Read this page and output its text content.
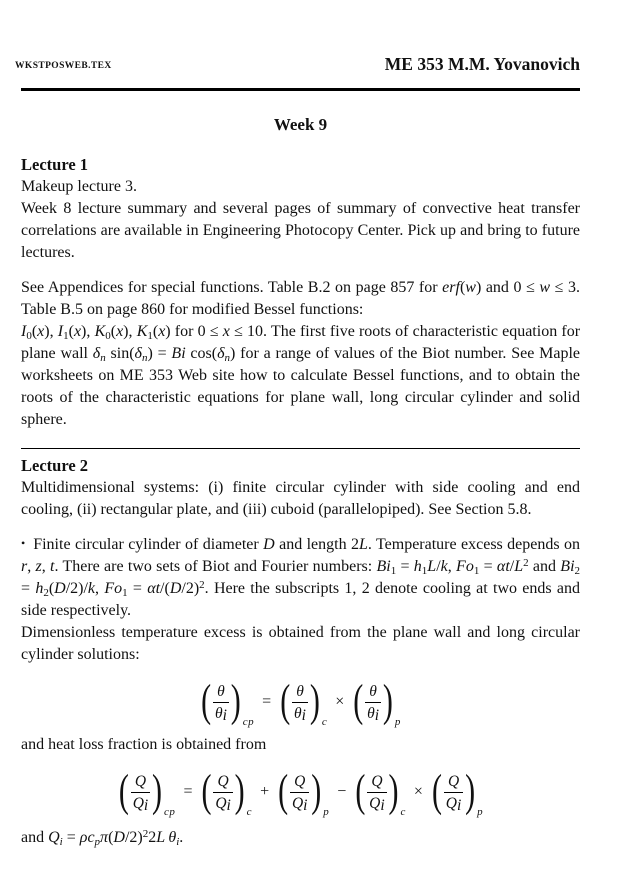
WKSTPOSWEB.TEX	ME 353 M.M. Yovanovich
Week 9
Lecture 1

Makeup lecture 3.

Week 8 lecture summary and several pages of summary of convective heat transfer correlations are available in Engineering Photocopy Center. Pick up and bring to future lectures.

See Appendices for special functions. Table B.2 on page 857 for erf(w) and 0 ≤ w ≤ 3. Table B.5 on page 860 for modified Bessel functions:
$I_0(x)$, $I_1(x)$, $K_0(x)$, $K_1(x)$ for 0 ≤ x ≤ 10. The first five roots of characteristic equation for plane wall $\delta_n$ $\sin(\delta_n) = Bi$ $\cos(\delta_n)$ for a range of values of the Biot number. See Maple worksheets on ME 353 Web site how to calculate Bessel functions, and to obtain the roots of the characteristic equations for plane wall, long circular cylinder and solid sphere.

Lecture 2

Multidimensional systems: (i) finite circular cylinder with side cooling and end cooling, (ii) rectangular plate, and (iii) cuboid (parallelopiped). See Section 5.8.

• Finite circular cylinder of diameter D and length 2L. Temperature excess depends on r, z, t. There are two sets of Biot and Fourier numbers: $Bi_1 = h_1L/k$, $Fo_1 = \alpha t/L^2$ and $Bi_2 = h_2(D/2)/k$, $Fo_1 = \alpha t/(D/2)^2$. Here the subscripts 1, 2 denote cooling at two ends and side respectively.

Dimensionless temperature excess is obtained from the plane wall and long circular cylinder solutions:

( $\frac{\theta}{\theta_i}$ ) cp
= ( $\frac{\theta}{\theta_i}$ ) c
× ( $\frac{\theta}{\theta_i}$ ) p

and heat loss fraction is obtained from

( $\frac{Q}{Q_i}$ ) cp
= ( $\frac{Q}{Q_i}$ ) c
+ ( $\frac{Q}{Q_i}$ ) p
− ( $\frac{Q}{Q_i}$ ) c
× ( $\frac{Q}{Q_i}$ ) p

and $Q_i = \rho c_p\pi(D/2)^22L$  $\theta_i$.
